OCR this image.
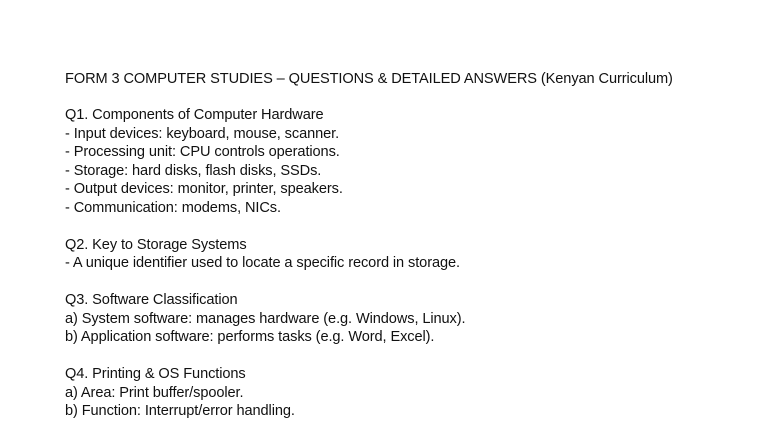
FORM 3 COMPUTER STUDIES – QUESTIONS & DETAILED ANSWERS (Kenyan Curriculum)
Q1. Components of Computer Hardware
- Input devices: keyboard, mouse, scanner.
- Processing unit: CPU controls operations.
- Storage: hard disks, flash disks, SSDs.
- Output devices: monitor, printer, speakers.
- Communication: modems, NICs.
Q2. Key to Storage Systems
- A unique identifier used to locate a specific record in storage.
Q3. Software Classification
a) System software: manages hardware (e.g. Windows, Linux).
b) Application software: performs tasks (e.g. Word, Excel).
Q4. Printing & OS Functions
a) Area: Print buffer/spooler.
b) Function: Interrupt/error handling.
